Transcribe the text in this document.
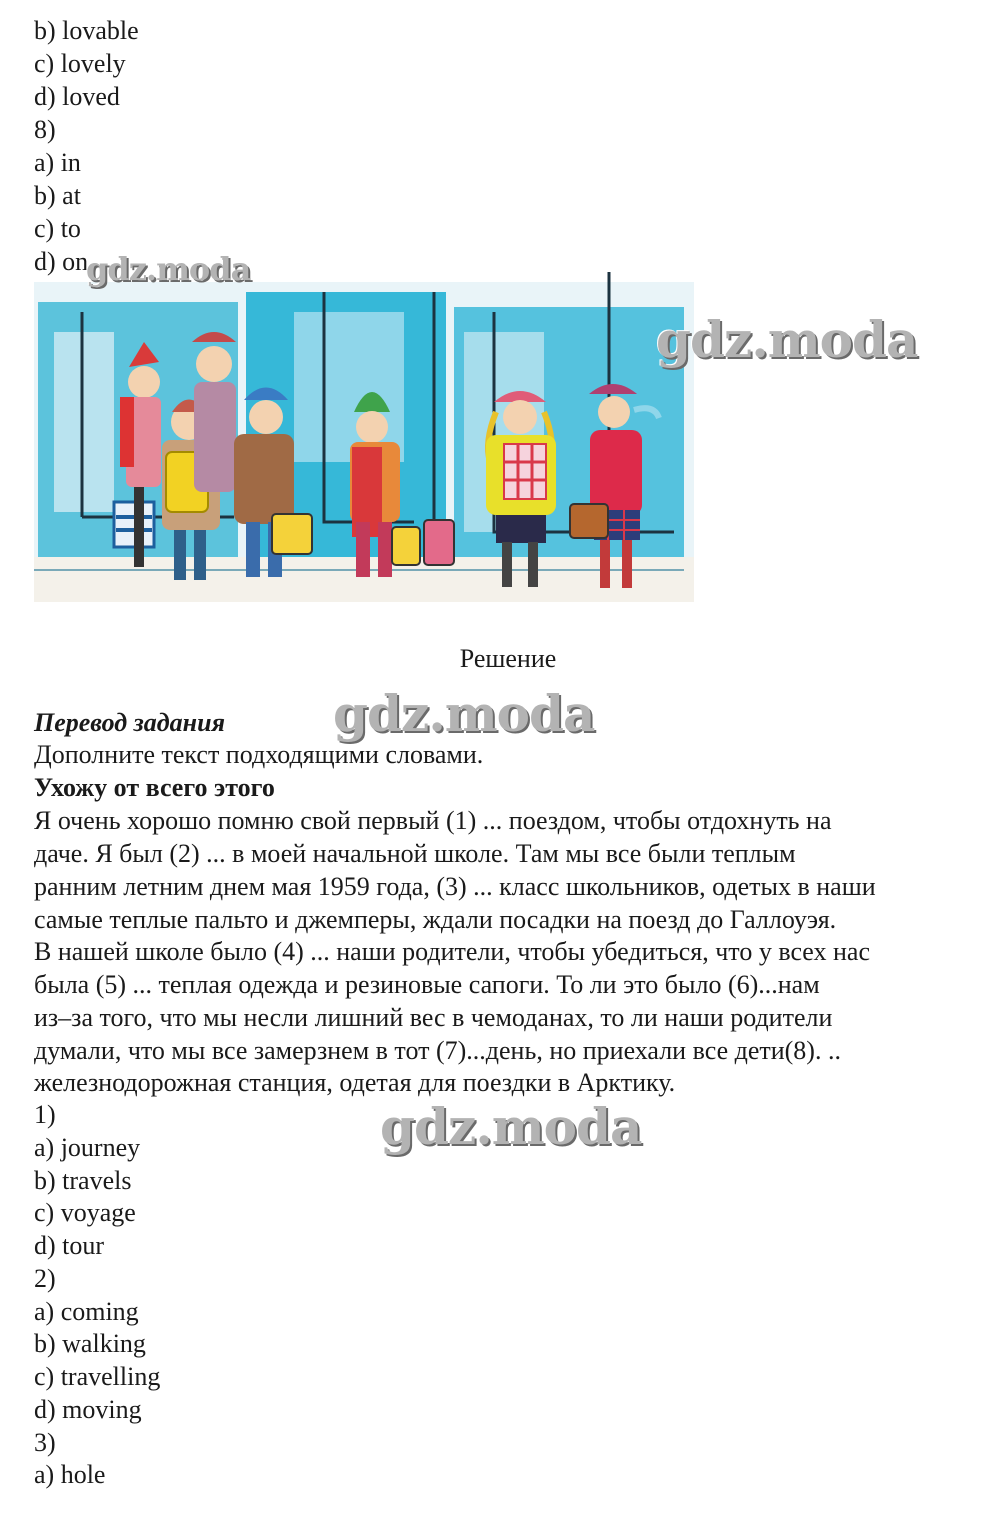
b) lovable
c) lovely
d) loved
8)
a) in
b) at
c) to
d) on
gdz.moda
gdz.moda
gdz.moda
gdz.moda
Решение
Перевод задания
Дополните текст подходящими словами.
Ухожу от всего этого
Я очень хорошо помню свой первый (1) ... поездом, чтобы отдохнуть на
даче. Я был (2) ... в моей начальной школе. Там мы все были теплым
ранним летним днем мая 1959 года, (3) ... класс школьников, одетых в наши
самые теплые пальто и джемперы, ждали посадки на поезд до Галлоуэя.
В нашей школе было (4) ... наши родители, чтобы убедиться, что у всех нас
была (5) ... теплая одежда и резиновые сапоги. То ли это было (6)...нам
из–за того, что мы несли лишний вес в чемоданах, то ли наши родители
думали, что мы все замерзнем в тот (7)...день, но приехали все дети(8). ..
железнодорожная станция, одетая для поездки в Арктику.
1)
a) journey
b) travels
c) voyage
d) tour
2)
a) coming
b) walking
c) travelling
d) moving
3)
a) hole
